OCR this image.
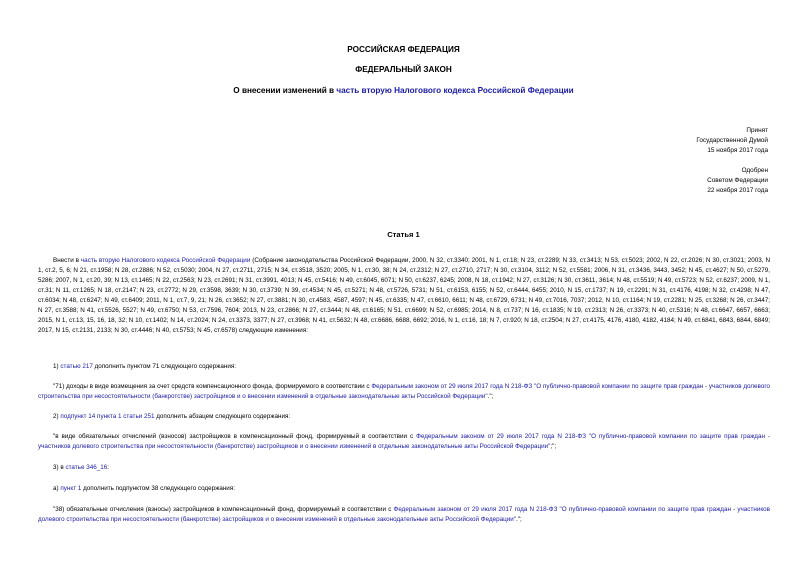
РОССИЙСКАЯ ФЕДЕРАЦИЯ
ФЕДЕРАЛЬНЫЙ ЗАКОН
О внесении изменений в часть вторую Налогового кодекса Российской Федерации
Принят
Государственной Думой
15 ноября 2017 года
Одобрен
Советом Федерации
22 ноября 2017 года
Статья 1
Внести в часть вторую Налогового кодекса Российской Федерации (Собрание законодательства Российской Федерации, 2000, N 32, ст.3340; 2001, N 1, ст.18; N 23, ст.2289; N 33, ст.3413; N 53, ст.5023; 2002, N 22, ст.2026; N 30, ст.3021; 2003, N 1, ст.2, 5, 6; N 21, ст.1958; N 28, ст.2886; N 52, ст.5030; 2004, N 27, ст.2711, 2715; N 34, ст.3518, 3520; 2005, N 1, ст.30, 38; N 24, ст.2312; N 27, ст.2710, 2717; N 30, ст.3104, 3112; N 52, ст.5581; 2006, N 31, ст.3436, 3443, 3452; N 45, ст.4627; N 50, ст.5279, 5286; 2007, N 1, ст.20, 39; N 13, ст.1465; N 22, ст.2563; N 23, ст.2691; N 31, ст.3991, 4013; N 45, ст.5416; N 49, ст.6045, 6071; N 50, ст.6237, 6245; 2008, N 18, ст.1942; N 27, ст.3126; N 30, ст.3611, 3614; N 48, ст.5519; N 49, ст.5723; N 52, ст.6237; 2009, N 1, ст.31; N 11, ст.1265; N 18, ст.2147; N 23, ст.2772; N 29, ст.3598, 3639; N 30, ст.3739; N 39, ст.4534; N 45, ст.5271; N 48, ст.5726, 5731; N 51, ст.6153, 6155; N 52, ст.6444, 6455; 2010, N 15, ст.1737; N 19, ст.2291; N 31, ст.4176, 4198; N 32, ст.4298; N 47, ст.6034; N 48, ст.6247; N 49, ст.6409; 2011, N 1, ст.7, 9, 21; N 26, ст.3652; N 27, ст.3881; N 30, ст.4583, 4587, 4597; N 45, ст.6335; N 47, ст.6610, 6611; N 48, ст.6729, 6731; N 49, ст.7016, 7037; 2012, N 10, ст.1164; N 19, ст.2281; N 25, ст.3268; N 26, ст.3447; N 27, ст.3588; N 41, ст.5526, 5527; N 49, ст.6750; N 53, ст.7596, 7604; 2013, N 23, ст.2866; N 27, ст.3444; N 48, ст.6165; N 51, ст.6699; N 52, ст.6985; 2014, N 8, ст.737; N 16, ст.1835; N 19, ст.2313; N 26, ст.3373; N 40, ст.5316; N 48, ст.6647, 6657, 6663; 2015, N 1, ст.13, 15, 16, 18, 32; N 10, ст.1402; N 14, ст.2024; N 24, ст.3373, 3377; N 27, ст.3968; N 41, ст.5632; N 48, ст.6686, 6688, 6692; 2016, N 1, ст.16, 18; N 7, ст.920; N 18, ст.2504; N 27, ст.4175, 4176, 4180, 4182, 4184; N 49, ст.6841, 6843, 6844, 6849; 2017, N 15, ст.2131, 2133; N 30, ст.4446; N 40, ст.5753; N 45, ст.6578) следующие изменения:
1) статью 217 дополнить пунктом 71 следующего содержания:
"71) доходы в виде возмещения за счет средств компенсационного фонда, формируемого в соответствии с Федеральным законом от 29 июля 2017 года N 218-ФЗ "О публично-правовой компании по защите прав граждан - участников долевого строительства при несостоятельности (банкротстве) застройщиков и о внесении изменений в отдельные законодательные акты Российской Федерации".";
2) подпункт 14 пункта 1 статьи 251 дополнить абзацем следующего содержания:
"в виде обязательных отчислений (взносов) застройщиков в компенсационный фонд, формируемый в соответствии с Федеральным законом от 29 июля 2017 года N 218-ФЗ "О публично-правовой компании по защите прав граждан - участников долевого строительства при несостоятельности (банкротстве) застройщиков и о внесении изменений в отдельные законодательные акты Российской Федерации";";
3) в статье 346_16:
а) пункт 1 дополнить подпунктом 38 следующего содержания:
"38) обязательные отчисления (взносы) застройщиков в компенсационный фонд, формируемый в соответствии с Федеральным законом от 29 июля 2017 года N 218-ФЗ "О публично-правовой компании по защите прав граждан - участников долевого строительства при несостоятельности (банкротстве) застройщиков и о внесении изменений в отдельные законодательные акты Российской Федерации".";
